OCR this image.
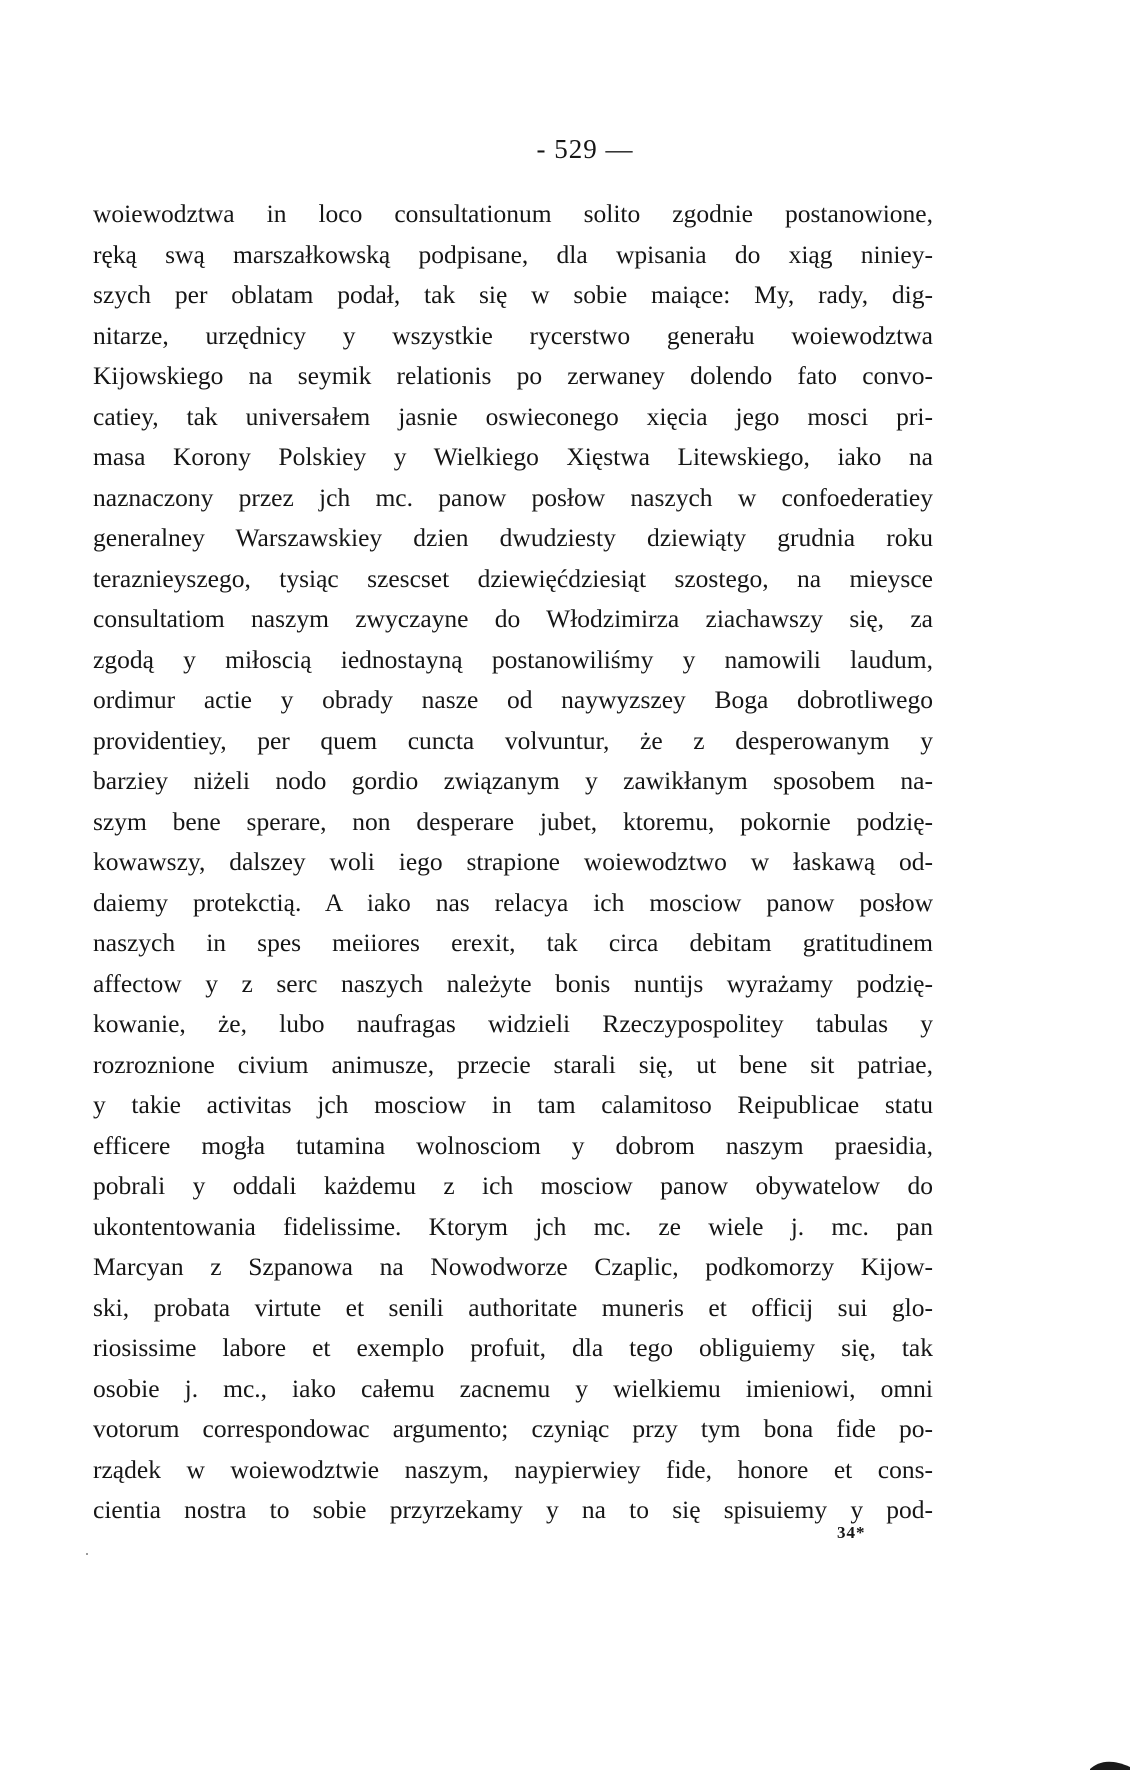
- 529 —
woiewodztwa in loco consultationum solito zgodnie postanowione,
ręką swą marszałkowską podpisane, dla wpisania do xiąg niniey-
szych per oblatam podał, tak się w sobie maiące: My, rady, dig-
nitarze, urzędnicy y wszystkie rycerstwo generału woiewodztwa
Kijowskiego na seymik relationis po zerwaney dolendo fato convo-
catiey, tak universałem jasnie oswieconego xięcia jego mosci pri-
masa Korony Polskiey y Wielkiego Xięstwa Litewskiego, iako na
naznaczony przez jch mc. panow posłow naszych w confoederatiey
generalney Warszawskiey dzien dwudziesty dziewiąty grudnia roku
teraznieyszego, tysiąc szescset dziewięćdziesiąt szostego, na mieysce
consultatiom naszym zwyczayne do Włodzimirza ziachawszy się, za
zgodą y miłoscią iednostayną postanowiliśmy y namowili laudum,
ordimur actie y obrady nasze od naywyzszey Boga dobrotliwego
providentiey, per quem cuncta volvuntur, że z desperowanym y
barziey niżeli nodo gordio związanym y zawikłanym sposobem na-
szym bene sperare, non desperare jubet, ktoremu, pokornie podzię-
kowawszy, dalszey woli iego strapione woiewodztwo w łaskawą od-
daiemy protekctią. A iako nas relacya ich mosciow panow posłow
naszych in spes meiiores erexit, tak circa debitam gratitudinem
affectow y z serc naszych należyte bonis nuntijs wyrażamy podzię-
kowanie, że, lubo naufragas widzieli Rzeczypospolitey tabulas y
rozroznione civium animusze, przecie starali się, ut bene sit patriae,
y takie activitas jch mosciow in tam calamitoso Reipublicae statu
efficere mogła tutamina wolnosciom y dobrom naszym praesidia,
pobrali y oddali każdemu z ich mosciow panow obywatelow do
ukontentowania fidelissime. Ktorym jch mc. ze wiele j. mc. pan
Marcyan z Szpanowa na Nowodworze Czaplic, podkomorzy Kijow-
ski, probata virtute et senili authoritate muneris et officij sui glo-
riosissime labore et exemplo profuit, dla tego obliguiemy się, tak
osobie j. mc., iako całemu zacnemu y wielkiemu imieniowi, omni
votorum correspondowac argumento; czyniąc przy tym bona fide po-
rządek w woiewodztwie naszym, naypierwiey fide, honore et cons-
cientia nostra to sobie przyrzekamy y na to się spisuiemy y pod-
34*
